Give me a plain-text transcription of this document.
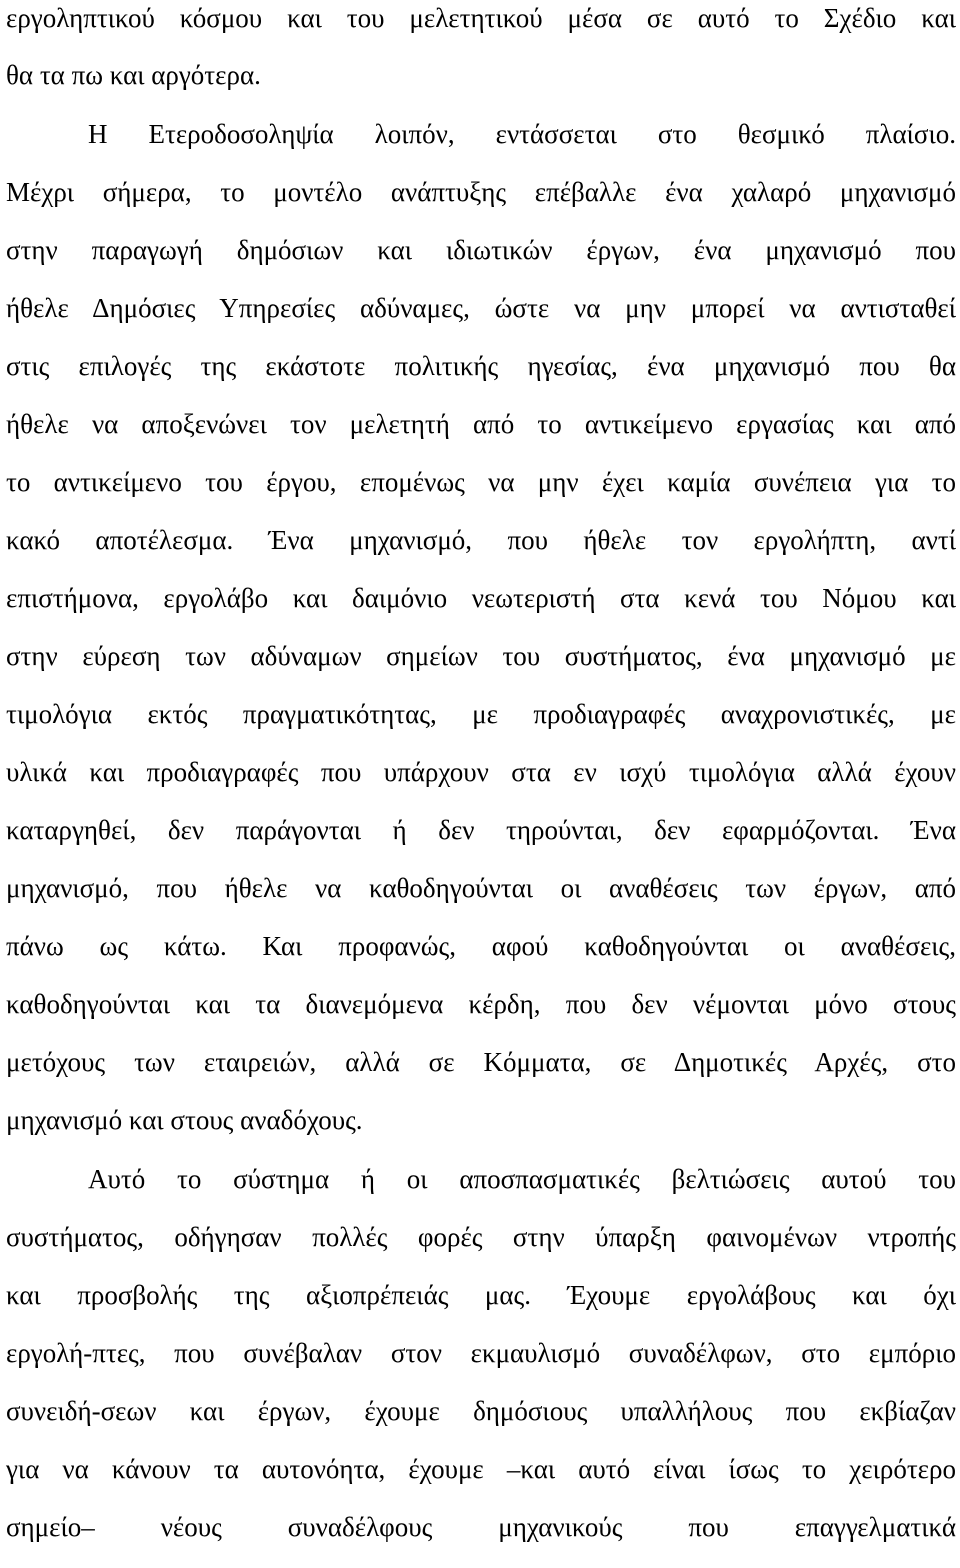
εργοληπτικού κόσμου και του μελετητικού μέσα σε αυτό το Σχέδιο και
θα τα πω και αργότερα.
Η Ετεροδοσοληψία λοιπόν, εντάσσεται στο θεσμικό πλαίσιο.
Μέχρι σήμερα, το μοντέλο ανάπτυξης επέβαλλε ένα χαλαρό μηχανισμό
στην παραγωγή δημόσιων και ιδιωτικών έργων, ένα μηχανισμό που
ήθελε Δημόσιες Υπηρεσίες αδύναμες, ώστε να μην μπορεί να αντισταθεί
στις επιλογές της εκάστοτε πολιτικής ηγεσίας, ένα μηχανισμό που θα
ήθελε να αποξενώνει τον μελετητή από το αντικείμενο εργασίας και από
το αντικείμενο του έργου, επομένως να μην έχει καμία συνέπεια για το
κακό αποτέλεσμα. Ένα μηχανισμό, που ήθελε τον εργολήπτη, αντί
επιστήμονα, εργολάβο και δαιμόνιο νεωτεριστή στα κενά του Νόμου και
στην εύρεση των αδύναμων σημείων του συστήματος, ένα μηχανισμό με
τιμολόγια εκτός πραγματικότητας, με προδιαγραφές αναχρονιστικές, με
υλικά και προδιαγραφές που υπάρχουν στα εν ισχύ τιμολόγια αλλά έχουν
καταργηθεί, δεν παράγονται ή δεν τηρούνται, δεν εφαρμόζονται. Ένα
μηχανισμό, που ήθελε να καθοδηγούνται οι αναθέσεις των έργων, από
πάνω ως κάτω. Και προφανώς, αφού καθοδηγούνται οι αναθέσεις,
καθοδηγούνται και τα διανεμόμενα κέρδη, που δεν νέμονται μόνο στους
μετόχους των εταιρειών, αλλά σε Κόμματα, σε Δημοτικές Αρχές, στο
μηχανισμό και στους αναδόχους.
Αυτό το σύστημα ή οι αποσπασματικές βελτιώσεις αυτού του
συστήματος, οδήγησαν πολλές φορές στην ύπαρξη φαινομένων ντροπής
και προσβολής της αξιοπρέπειάς μας. Έχουμε εργολάβους και όχι
εργολή-πτες, που συνέβαλαν στον εκμαυλισμό συναδέλφων, στο εμπόριο
συνειδή-σεων και έργων, έχουμε δημόσιους υπαλλήλους που εκβίαζαν
για να κάνουν τα αυτονόητα, έχουμε –και αυτό είναι ίσως το χειρότερο
σημείο– νέους συναδέλφους μηχανικούς που επαγγελματικά
